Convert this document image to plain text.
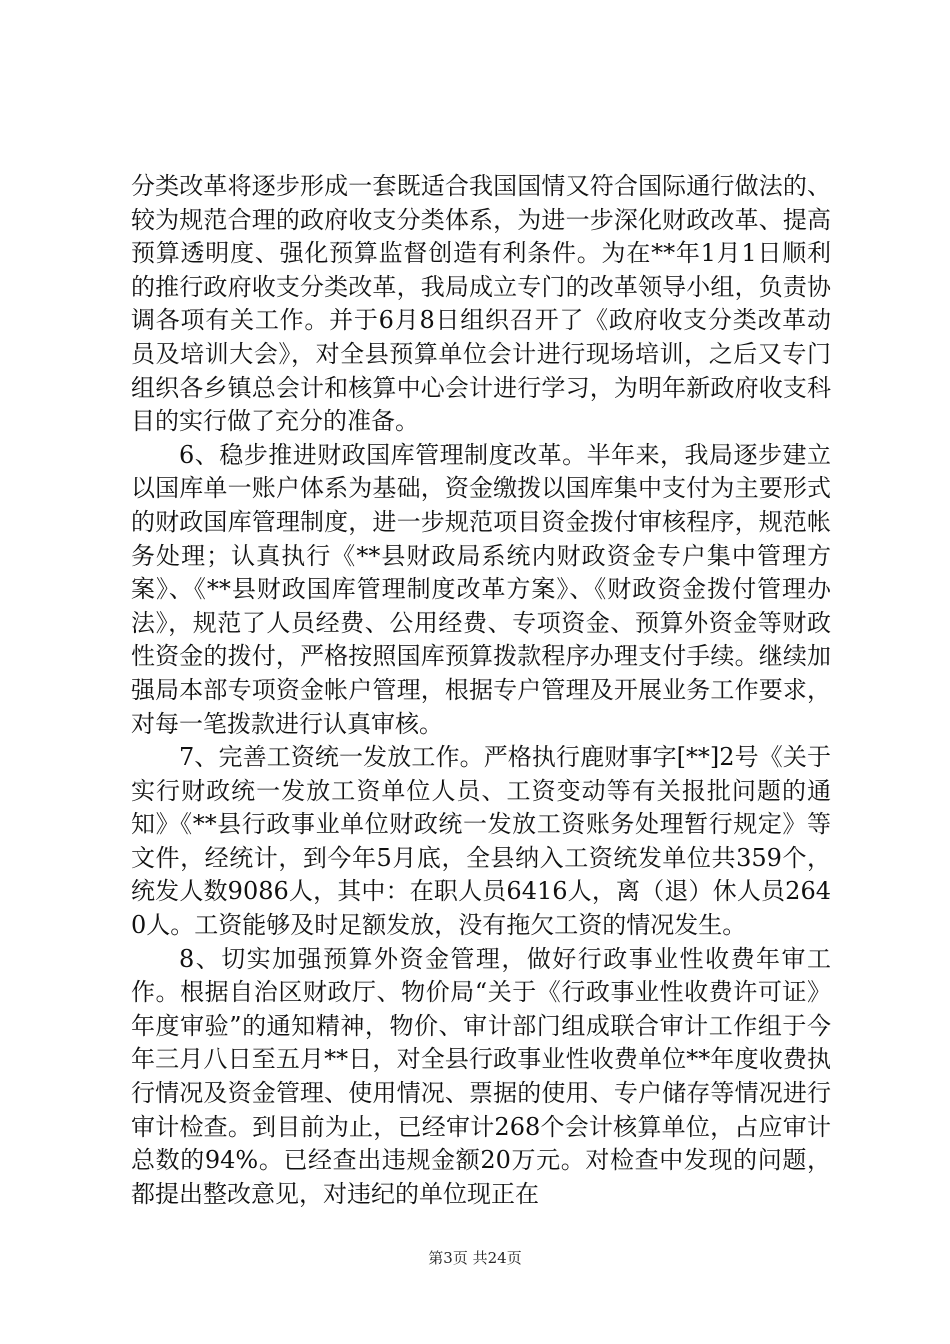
分类改革将逐步形成一套既适合我国国情又符合国际通行做法的、较为规范合理的政府收支分类体系，为进一步深化财政改革、提高预算透明度、强化预算监督创造有利条件。为在**年1月1日顺利的推行政府收支分类改革，我局成立专门的改革领导小组，负责协调各项有关工作。并于6月8日组织召开了《政府收支分类改革动员及培训大会》，对全县预算单位会计进行现场培训，之后又专门组织各乡镇总会计和核算中心会计进行学习，为明年新政府收支科目的实行做了充分的准备。

6、稳步推进财政国库管理制度改革。半年来，我局逐步建立以国库单一账户体系为基础，资金缴拨以国库集中支付为主要形式的财政国库管理制度，进一步规范项目资金拨付审核程序，规范帐务处理；认真执行《**县财政局系统内财政资金专户集中管理方案》、《**县财政国库管理制度改革方案》、《财政资金拨付管理办法》，规范了人员经费、公用经费、专项资金、预算外资金等财政性资金的拨付，严格按照国库预算拨款程序办理支付手续。继续加强局本部专项资金帐户管理，根据专户管理及开展业务工作要求，对每一笔拨款进行认真审核。

7、完善工资统一发放工作。严格执行鹿财事字[**]2号《关于实行财政统一发放工资单位人员、工资变动等有关报批问题的通知》《**县行政事业单位财政统一发放工资账务处理暂行规定》等文件，经统计，到今年5月底，全县纳入工资统发单位共359个，统发人数9086人，其中：在职人员6416人，离（退）休人员2640人。工资能够及时足额发放，没有拖欠工资的情况发生。

8、切实加强预算外资金管理，做好行政事业性收费年审工作。根据自治区财政厅、物价局“关于《行政事业性收费许可证》年度审验”的通知精神，物价、审计部门组成联合审计工作组于今年三月八日至五月**日，对全县行政事业性收费单位**年度收费执行情况及资金管理、使用情况、票据的使用、专户储存等情况进行审计检查。到目前为止，已经审计268个会计核算单位，占应审计总数的94%。已经查出违规金额20万元。对检查中发现的问题，都提出整改意见，对违纪的单位现正在

第3页 共24页
